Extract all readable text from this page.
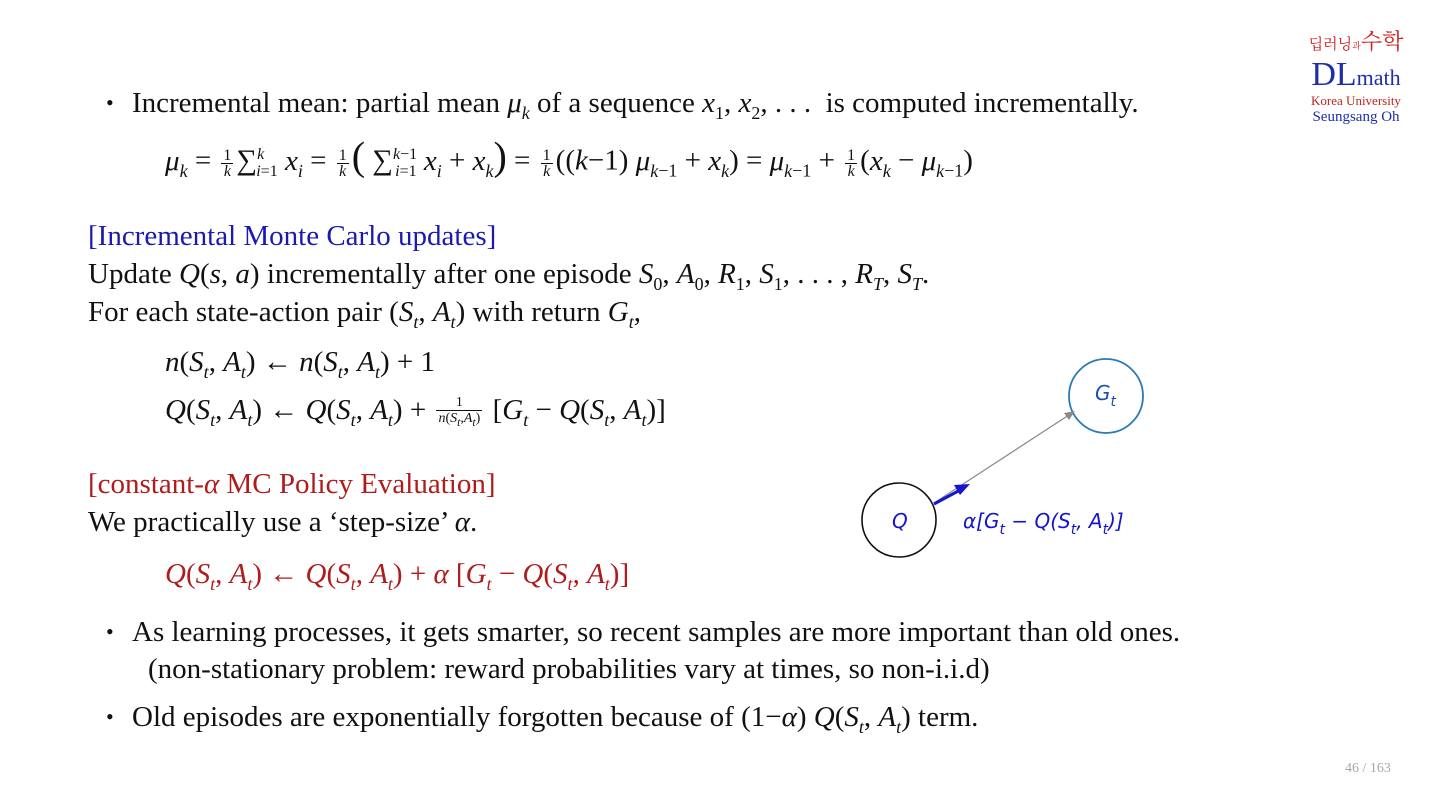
딥러닝과수학
DLmath
Korea University
Seungsang Oh
• Incremental mean: partial mean $\mu_k$ of a sequence $x_1$, $x_2$, . . .  is computed incrementally.
$\mu_k = \frac{1}{k} \sum^k_{i=1}$ $x_i = \frac{1}{k}$ ( ∑$^{k-1}_{i=1}$ $x_i + x_k) = \frac{1}{k} ((k-1) \mu_{k-1} + x_k) = \mu_{k-1} + \frac{1}{k} (x_k - \mu_{k-1})$
[Incremental Monte Carlo updates]
Update Q(s, a) incrementally after one episode $S_0$, $A_0$, $R_1$, $S_1$, . . . , $R_T$, $S_T$.
For each state-action pair ($S_t$, $A_t$) with return $G_t$,
$n(S_t$, $A_t$) ← $n(S_t$, $A_t) + 1$
$Q(S_t$, $A_t$) ← $Q(S_t$, $A_t) + \frac{1}{n(S_t,A_t)} [G_t - Q(S_t$, $A_t$)]
[constant-α MC Policy Evaluation]
We practically use a ‘step-size’ α.
$Q(S_t$, $A_t$) ← $Q(S_t$, $A_t) + \alpha$ [$G_t - Q(S_t$, $A_t$)]
Q
$G_t$
$\alpha[G_t - Q(S_t$, $A_t$)]
• As learning processes, it gets smarter, so recent samples are more important than old ones.
(non-stationary problem: reward probabilities vary at times, so non-i.i.d)
• Old episodes are exponentially forgotten because of (1−α) $Q(S_t$, $A_t$) term.
46 / 163
